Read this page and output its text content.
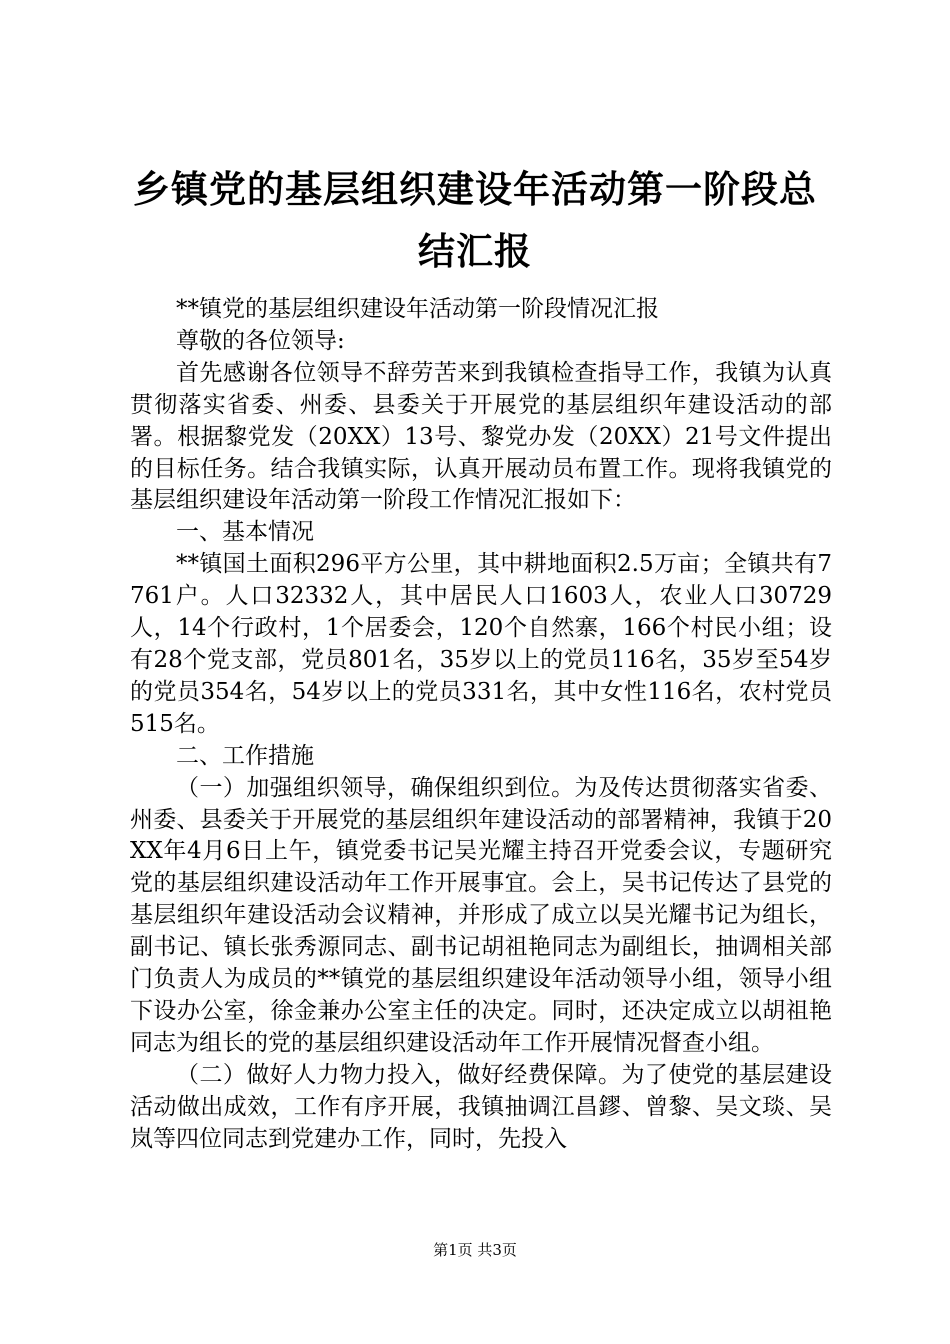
乡镇党的基层组织建设年活动第一阶段总结汇报

**镇党的基层组织建设年活动第一阶段情况汇报

尊敬的各位领导:

首先感谢各位领导不辞劳苦来到我镇检查指导工作，我镇为认真贯彻落实省委、州委、县委关于开展党的基层组织年建设活动的部署。根据黎党发（20XX）13号、黎党办发（20XX）21号文件提出的目标任务。结合我镇实际，认真开展动员布置工作。现将我镇党的基层组织建设年活动第一阶段工作情况汇报如下：

一、基本情况

**镇国土面积296平方公里，其中耕地面积2.5万亩；全镇共有7761户。人口32332人，其中居民人口1603人，农业人口30729人，14个行政村，1个居委会，120个自然寨，166个村民小组；设有28个党支部，党员801名，35岁以上的党员116名，35岁至54岁的党员354名，54岁以上的党员331名，其中女性116名，农村党员515名。

二、工作措施

（一）加强组织领导，确保组织到位。为及传达贯彻落实省委、州委、县委关于开展党的基层组织年建设活动的部署精神，我镇于20XX年4月6日上午，镇党委书记吴光耀主持召开党委会议，专题研究党的基层组织建设活动年工作开展事宜。会上，吴书记传达了县党的基层组织年建设活动会议精神，并形成了成立以吴光耀书记为组长，副书记、镇长张秀源同志、副书记胡祖艳同志为副组长，抽调相关部门负责人为成员的**镇党的基层组织建设年活动领导小组，领导小组下设办公室，徐金兼办公室主任的决定。同时，还决定成立以胡祖艳同志为组长的党的基层组织建设活动年工作开展情况督查小组。

（二）做好人力物力投入，做好经费保障。为了使党的基层建设活动做出成效，工作有序开展，我镇抽调江昌鏐、曾黎、吴文琰、吴岚等四位同志到党建办工作，同时，先投入

第1页 共3页
